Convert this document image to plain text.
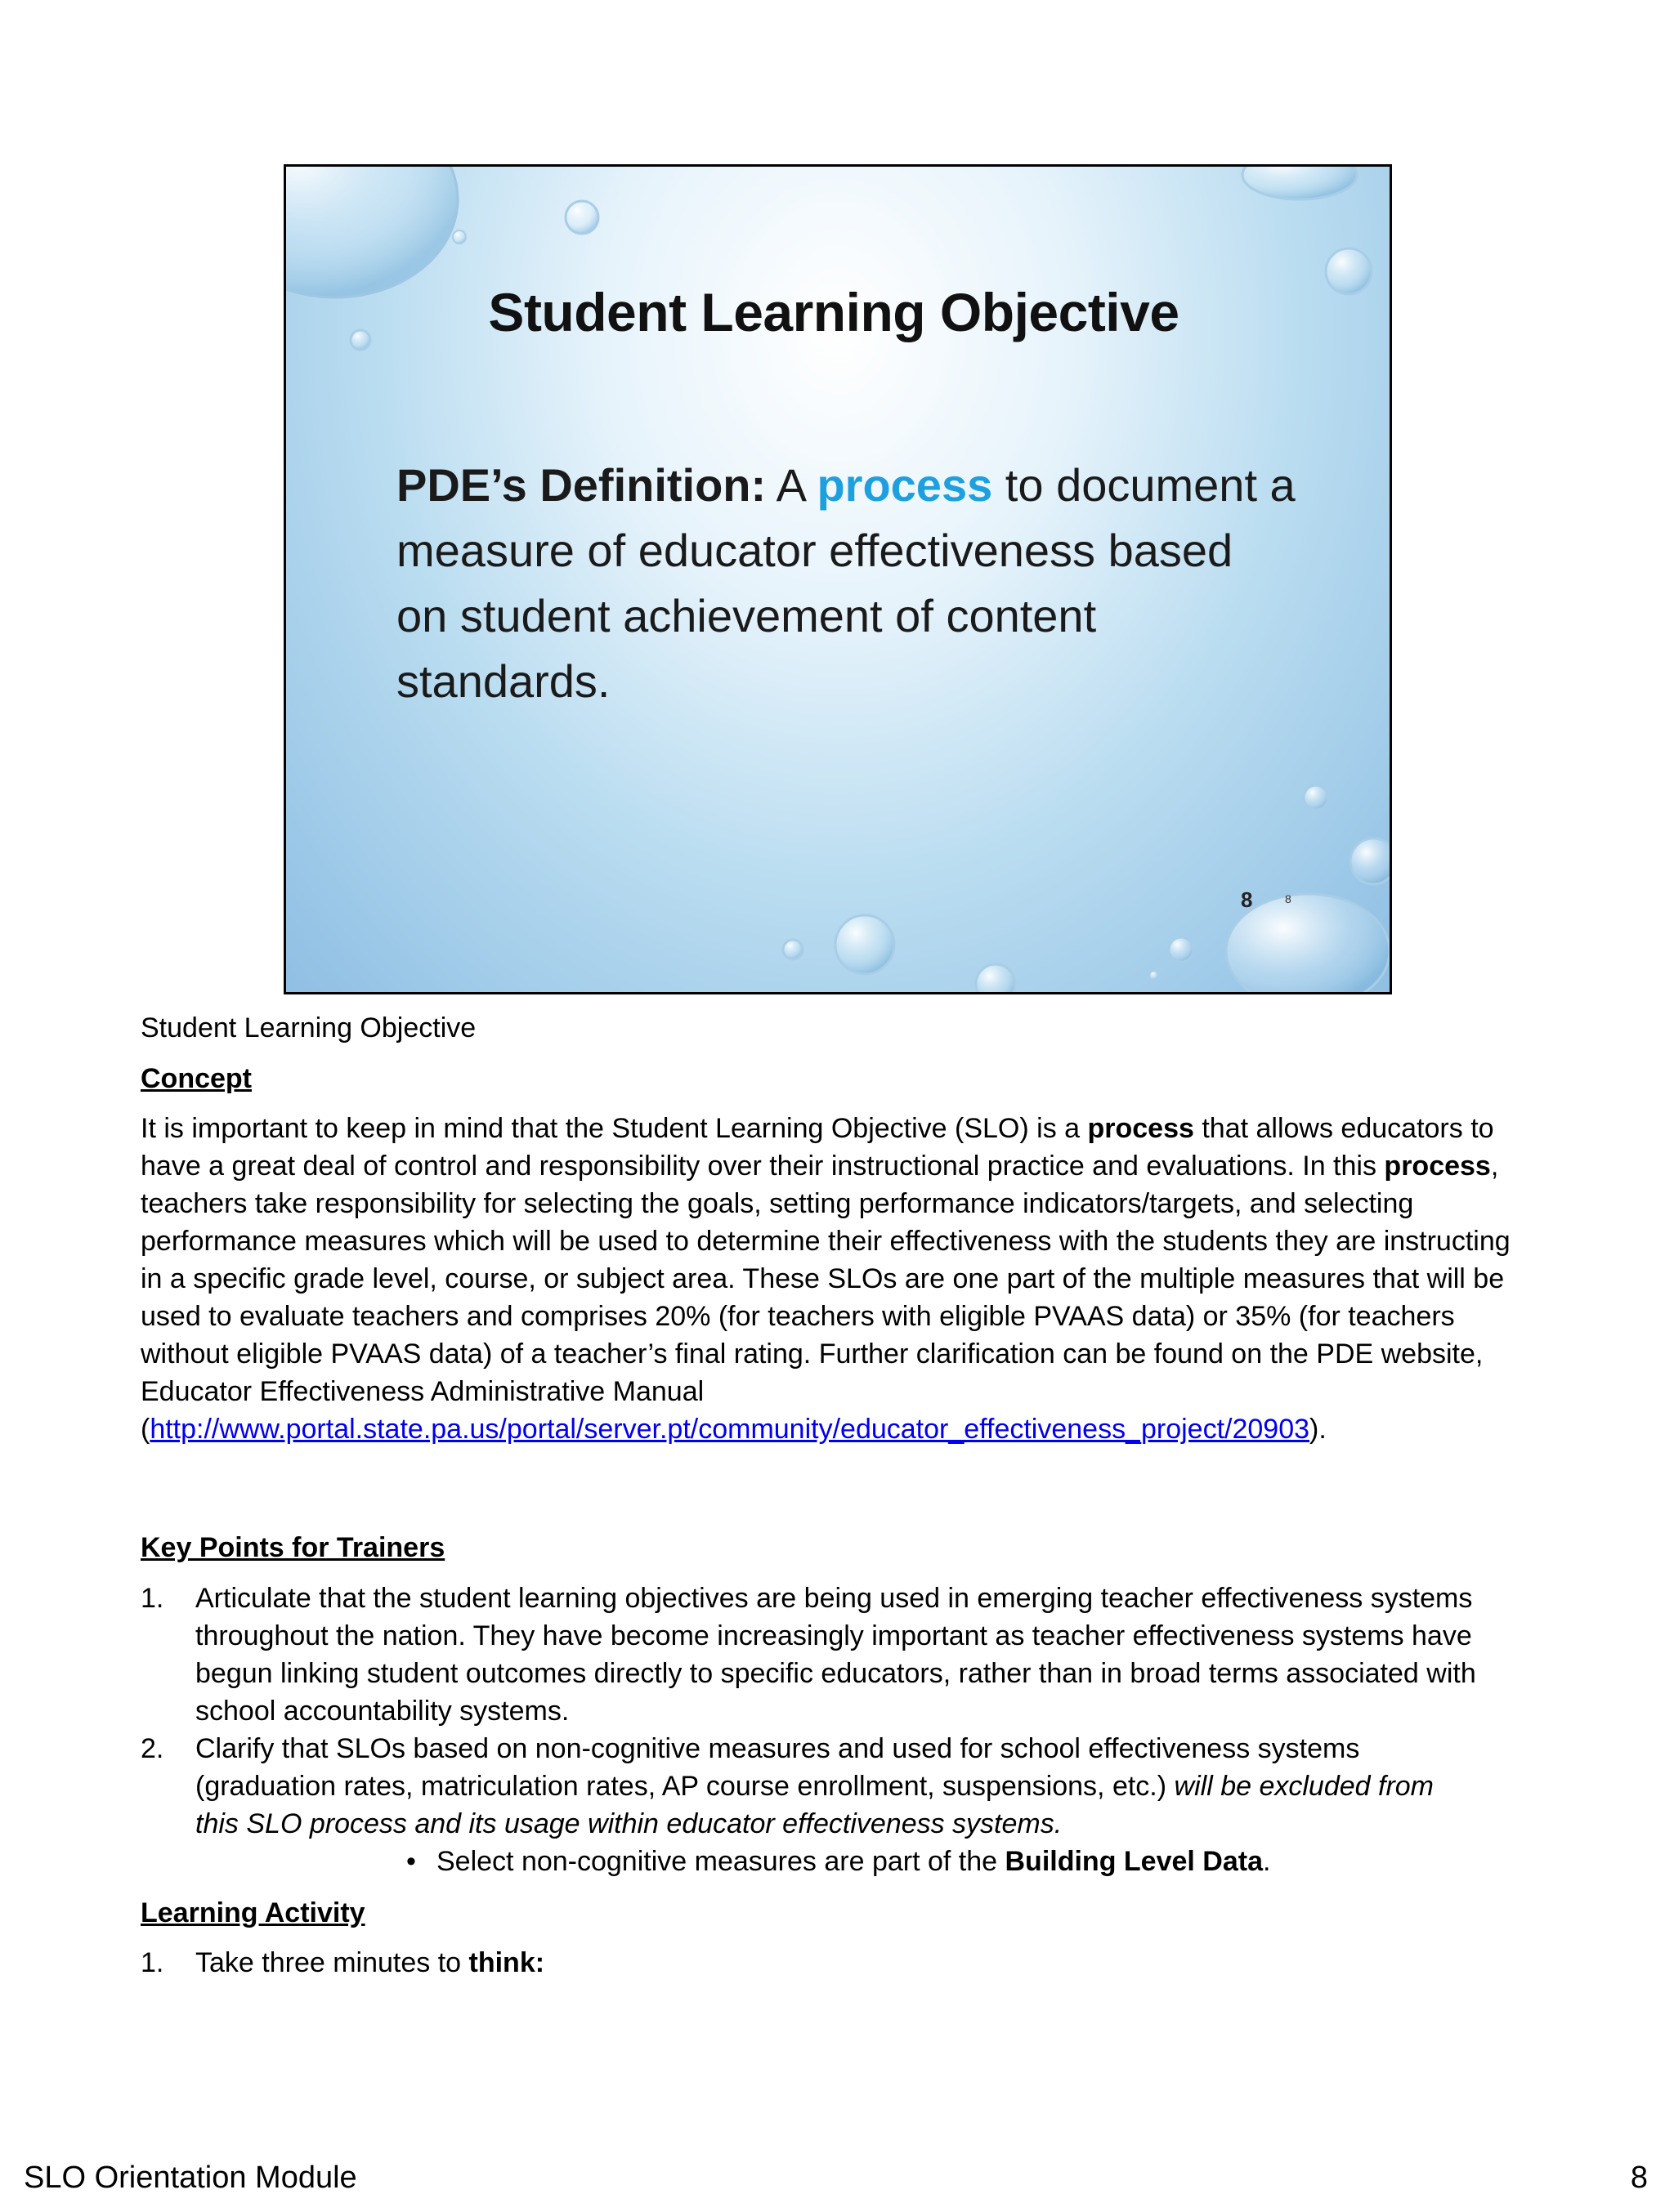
Student Learning Objective
PDE’s Definition: A process to document a measure of educator effectiveness based on student achievement of content standards.
8	8
Student Learning Objective
Concept
It is important to keep in mind that the Student Learning Objective (SLO) is a process that allows educators to have a great deal of control and responsibility over their instructional practice and evaluations. In this process, teachers take responsibility for selecting the goals, setting performance indicators/targets, and selecting performance measures which will be used to determine their effectiveness with the students they are instructing in a specific grade level, course, or subject area. These SLOs are one part of the multiple measures that will be used to evaluate teachers and comprises 20% (for teachers with eligible PVAAS data) or 35% (for teachers without eligible PVAAS data) of a teacher’s final rating. Further clarification can be found on the PDE website, Educator Effectiveness Administrative Manual
(http://www.portal.state.pa.us/portal/server.pt/community/educator_effectiveness_project/20903).
Key Points for Trainers
1. Articulate that the student learning objectives are being used in emerging teacher effectiveness systems throughout the nation. They have become increasingly important as teacher effectiveness systems have begun linking student outcomes directly to specific educators, rather than in broad terms associated with school accountability systems.
2. Clarify that SLOs based on non-cognitive measures and used for school effectiveness systems (graduation rates, matriculation rates, AP course enrollment, suspensions, etc.) will be excluded from this SLO process and its usage within educator effectiveness systems.
• Select non-cognitive measures are part of the Building Level Data.
Learning Activity
1. Take three minutes to think:
SLO Orientation Module	8
